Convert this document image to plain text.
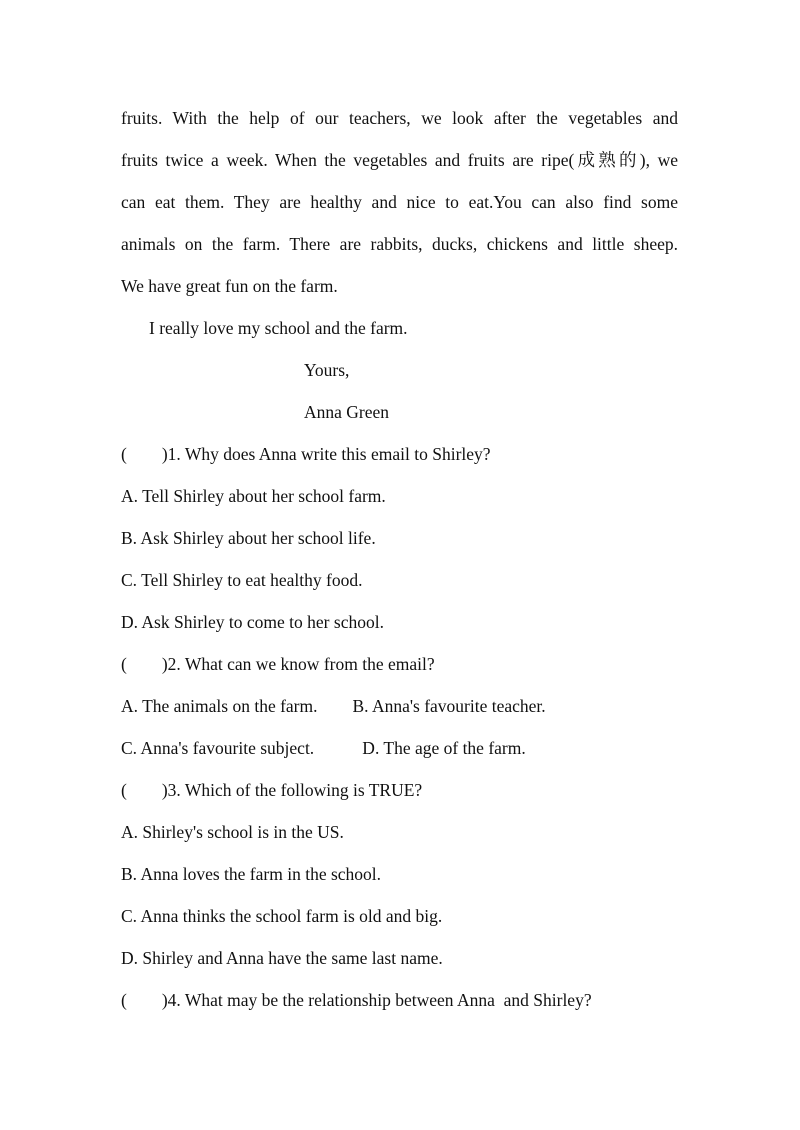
fruits. With the help of our teachers, we look after the vegetables and
fruits twice a week. When the vegetables and fruits are ripe(成熟的), we
can eat them. They are healthy and nice to eat.You can also find some
animals on the farm. There are rabbits, ducks, chickens and little sheep.
We have great fun on the farm.
I really love my school and the farm.
Yours,
Anna Green
(        )1. Why does Anna write this email to Shirley?
A. Tell Shirley about her school farm.
B. Ask Shirley about her school life.
C. Tell Shirley to eat healthy food.
D. Ask Shirley to come to her school.
(        )2. What can we know from the email?
A. The animals on the farm.        B. Anna's favourite teacher.
C. Anna's favourite subject.           D. The age of the farm.
(        )3. Which of the following is TRUE?
A. Shirley's school is in the US.
B. Anna loves the farm in the school.
C. Anna thinks the school farm is old and big.
D. Shirley and Anna have the same last name.
(        )4. What may be the relationship between Anna  and Shirley?
